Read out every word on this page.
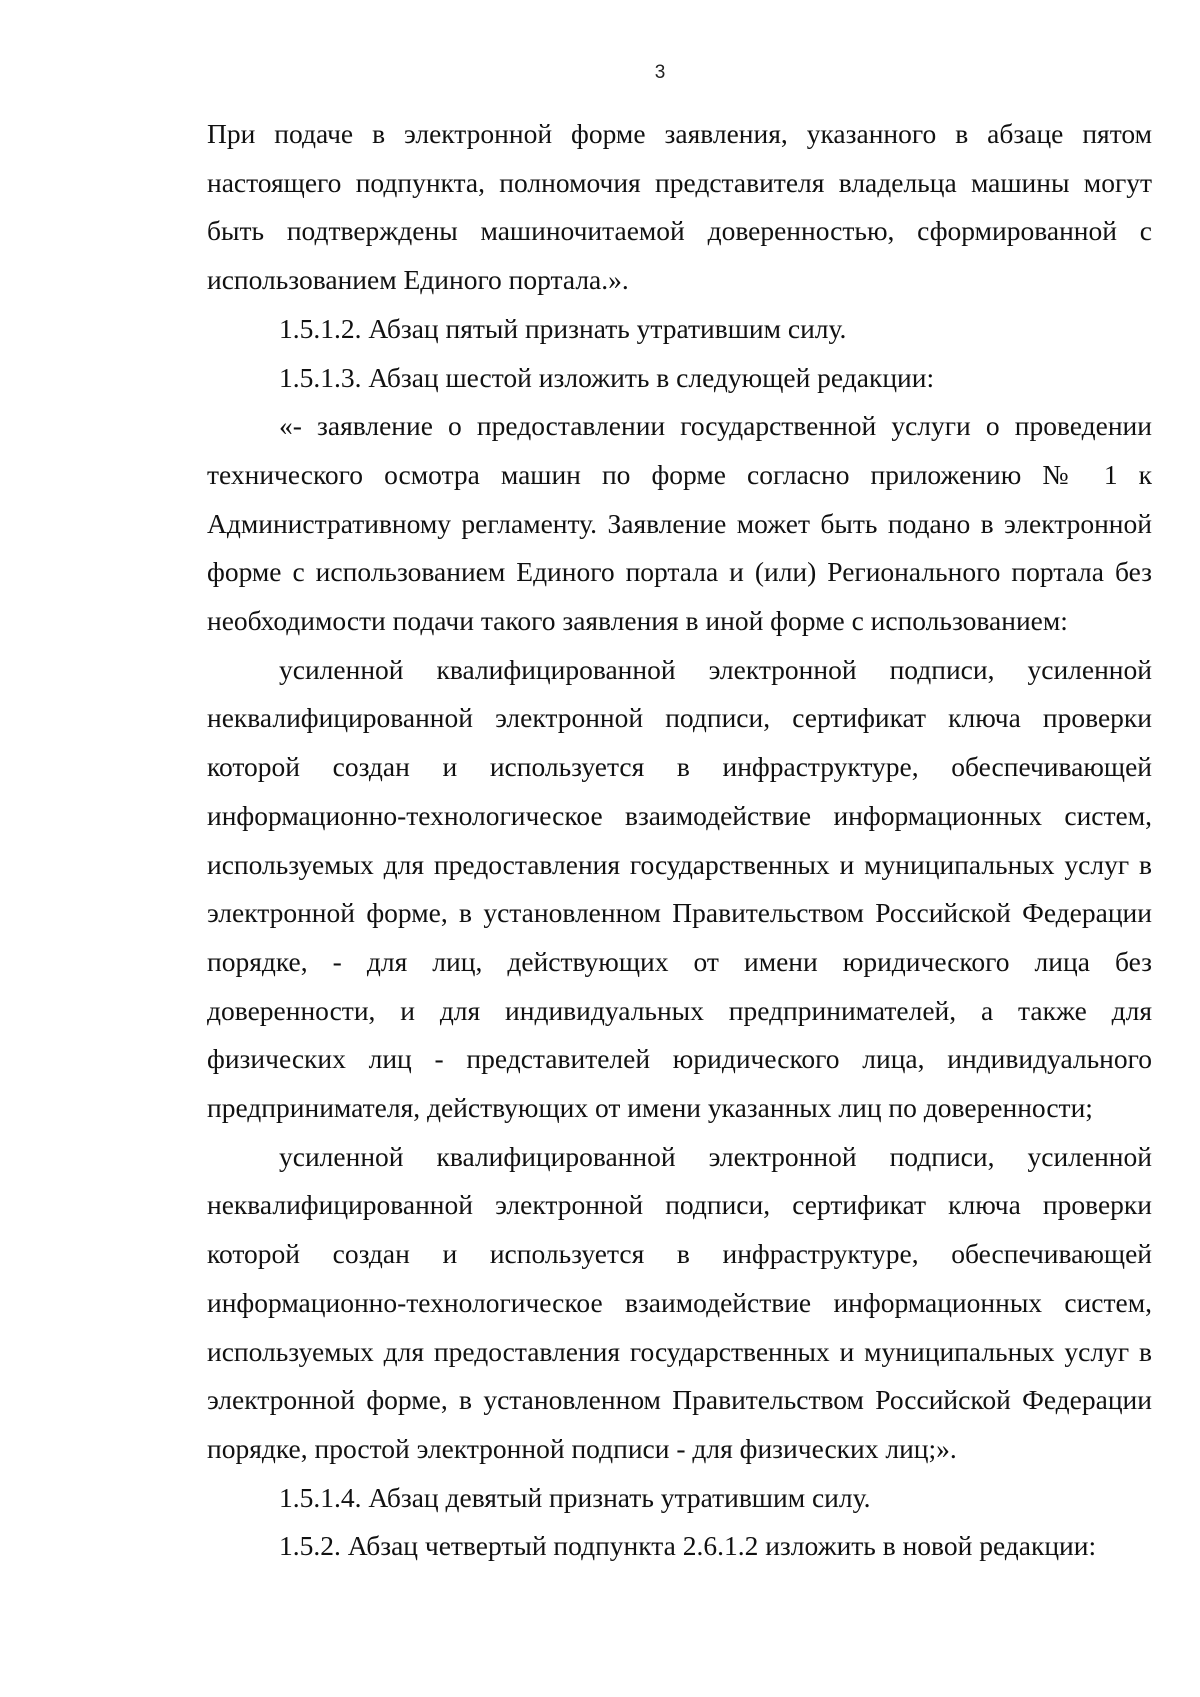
3

При подаче в электронной форме заявления, указанного в абзаце пятом настоящего подпункта, полномочия представителя владельца машины могут быть подтверждены машиночитаемой доверенностью, сформированной с использованием Единого портала.».

1.5.1.2. Абзац пятый признать утратившим силу.

1.5.1.3. Абзац шестой изложить в следующей редакции:

«- заявление о предоставлении государственной услуги о проведении технического осмотра машин по форме согласно приложению № 1 к Административному регламенту. Заявление может быть подано в электронной форме с использованием Единого портала и (или) Регионального портала без необходимости подачи такого заявления в иной форме с использованием:

усиленной квалифицированной электронной подписи, усиленной неквалифицированной электронной подписи, сертификат ключа проверки которой создан и используется в инфраструктуре, обеспечивающей информационно-технологическое взаимодействие информационных систем, используемых для предоставления государственных и муниципальных услуг в электронной форме, в установленном Правительством Российской Федерации порядке, - для лиц, действующих от имени юридического лица без доверенности, и для индивидуальных предпринимателей, а также для физических лиц - представителей юридического лица, индивидуального предпринимателя, действующих от имени указанных лиц по доверенности;

усиленной квалифицированной электронной подписи, усиленной неквалифицированной электронной подписи, сертификат ключа проверки которой создан и используется в инфраструктуре, обеспечивающей информационно-технологическое взаимодействие информационных систем, используемых для предоставления государственных и муниципальных услуг в электронной форме, в установленном Правительством Российской Федерации порядке, простой электронной подписи - для физических лиц;».

1.5.1.4. Абзац девятый признать утратившим силу.

1.5.2. Абзац четвертый подпункта 2.6.1.2 изложить в новой редакции:
